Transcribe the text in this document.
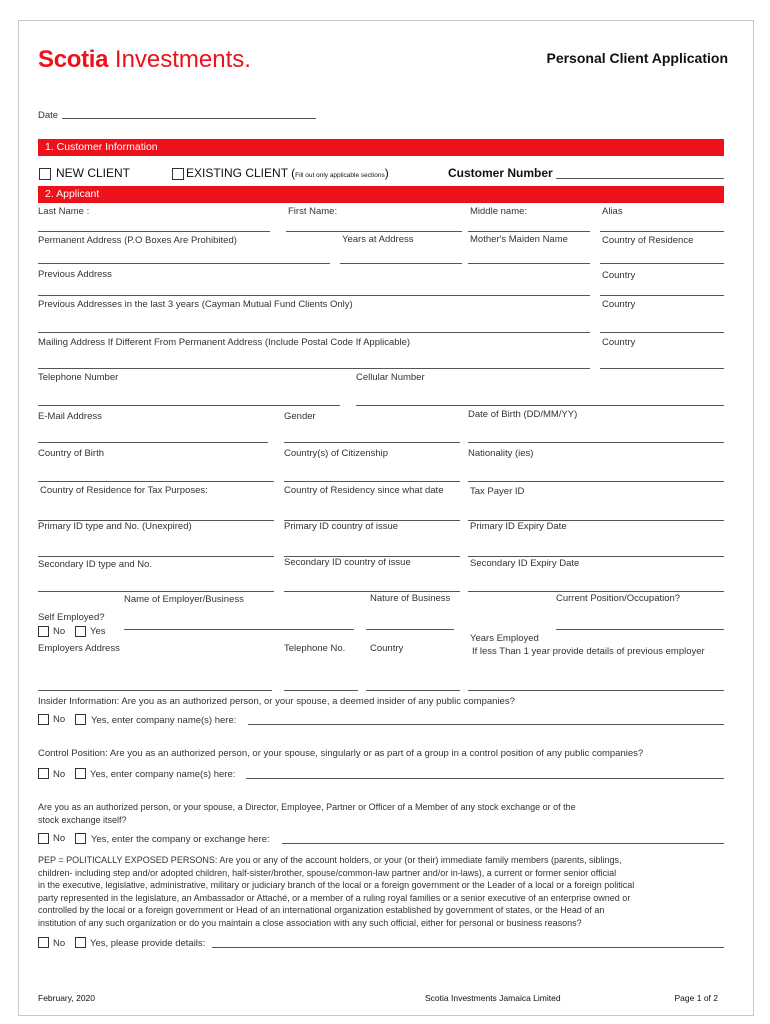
Scotia Investments.	Personal Client Application
Date
1. Customer Information
NEW CLIENT	EXISTING CLIENT (Fill out only applicable sections)	Customer Number
2. Applicant
Last Name :	First Name:	Middle name:	Alias
Permanent Address (P.O Boxes Are Prohibited)	Years at Address	Mother's Maiden Name	Country of Residence
Previous Address	Country
Previous Addresses in the last 3 years (Cayman Mutual Fund Clients Only)	Country
Mailing Address If Different From Permanent Address (Include Postal Code If Applicable)	Country
Telephone Number	Cellular Number
E-Mail Address	Gender	Date of Birth (DD/MM/YY)
Country of Birth	Country(s) of Citizenship	Nationality (ies)
Country of Residence for Tax Purposes:	Country of Residency since what date	Tax Payer ID
Primary ID type and No. (Unexpired)	Primary ID country of issue	Primary ID Expiry Date
Secondary ID type and No.	Secondary ID country of issue	Secondary ID Expiry Date
Name of Employer/Business	Nature of Business	Current Position/Occupation?
Self Employed?
No	Yes
Employers Address	Telephone No.	Country
Years Employed
If less Than 1 year provide details of previous employer
Insider Information: Are you as an authorized person, or your spouse, a deemed insider of any public companies?
No	Yes, enter company name(s) here:
Control Position: Are you as an authorized person, or your spouse, singularly or as part of a group in a control position of any public companies?
No	Yes, enter company name(s) here:
Are you as an authorized person, or your spouse, a Director, Employee, Partner or Officer of a Member of any stock exchange or of the
stock exchange itself?
No	Yes, enter the company or exchange here:
PEP = POLITICALLY EXPOSED PERSONS: Are you or any of the account holders, or your (or their) immediate family members (parents, siblings,
children- including step and/or adopted children, half-sister/brother, spouse/common-law partner and/or in-laws), a current or former senior official
in the executive, legislative, administrative, military or judiciary branch of the local or a foreign government or the Leader of a local or a foreign political
party represented in the legislature, an Ambassador or Attaché, or a member of a ruling royal families or a senior executive of an enterprise owned or
controlled by the local or a foreign government or Head of an international organization established by government of states, or the Head of an
institution of any such organization or do you maintain a close association with any such official, either for personal or business reasons?
No	Yes, please provide details:
February, 2020	Scotia Investments Jamaica Limited	Page 1 of 2
